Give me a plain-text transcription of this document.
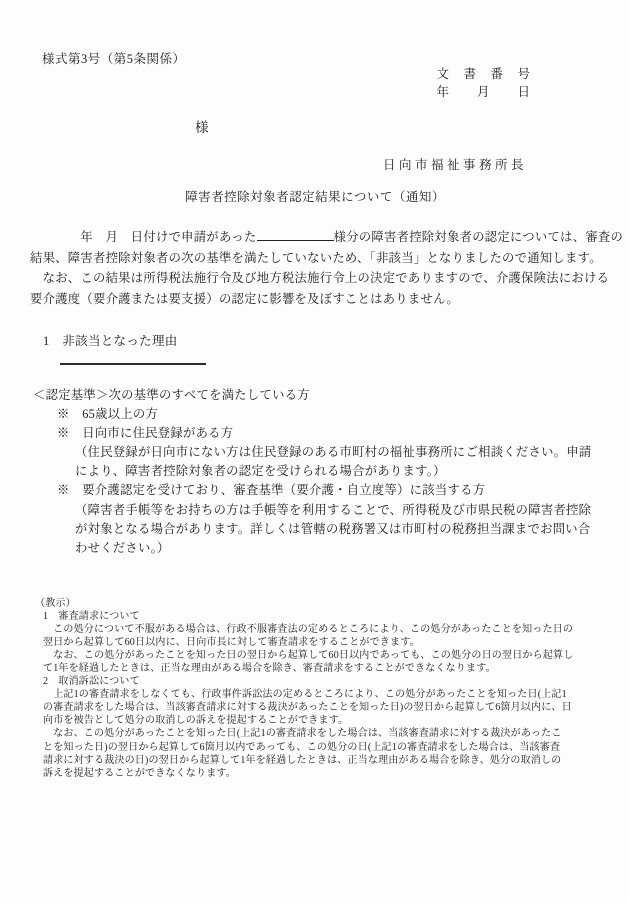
様式第3号（第5条関係）
文　書　番　号
年　　月　　日
様
日向市福祉事務所長
障害者控除対象者認定結果について（通知）
　　　　年　月　日付けで申請があった	様分の障害者控除対象者の認定については、審査の
結果、障害者控除対象者の次の基準を満たしていないため、「非該当」となりましたので通知します。
　なお、この結果は所得税法施行令及び地方税法施行令上の決定でありますので、介護保険法における
要介護度（要介護または要支援）の認定に影響を及ぼすことはありません。
1　非該当となった理由
＜認定基準＞次の基準のすべてを満たしている方
※　65歳以上の方
※　日向市に住民登録がある方
（住民登録が日向市にない方は住民登録のある市町村の福祉事務所にご相談ください。申請
により、障害者控除対象者の認定を受けられる場合があります。）
※　要介護認定を受けており、審査基準（要介護・自立度等）に該当する方
（障害者手帳等をお持ちの方は手帳等を利用することで、所得税及び市県民税の障害者控除
が対象となる場合があります。詳しくは管轄の税務署又は市町村の税務担当課までお問い合
わせください。）
（教示）
1　審査請求について
　この処分について不服がある場合は、行政不服審査法の定めるところにより、この処分があったことを知った日の
翌日から起算して60日以内に、日向市長に対して審査請求をすることができます。
　なお、この処分があったことを知った日の翌日から起算して60日以内であっても、この処分の日の翌日から起算し
て1年を経過したときは、正当な理由がある場合を除き、審査請求をすることができなくなります。
2　取消訴訟について
　上記1の審査請求をしなくても、行政事件訴訟法の定めるところにより、この処分があったことを知った日(上記1
の審査請求をした場合は、当該審査請求に対する裁決があったことを知った日)の翌日から起算して6箇月以内に、日
向市を被告として処分の取消しの訴えを提起することができます。
　なお、この処分があったことを知った日(上記1の審査請求をした場合は、当該審査請求に対する裁決があったこ
とを知った日)の翌日から起算して6箇月以内であっても、この処分の日(上記1の審査請求をした場合は、当該審査
請求に対する裁決の日)の翌日から起算して1年を経過したときは、正当な理由がある場合を除き、処分の取消しの
訴えを提起することができなくなります。
